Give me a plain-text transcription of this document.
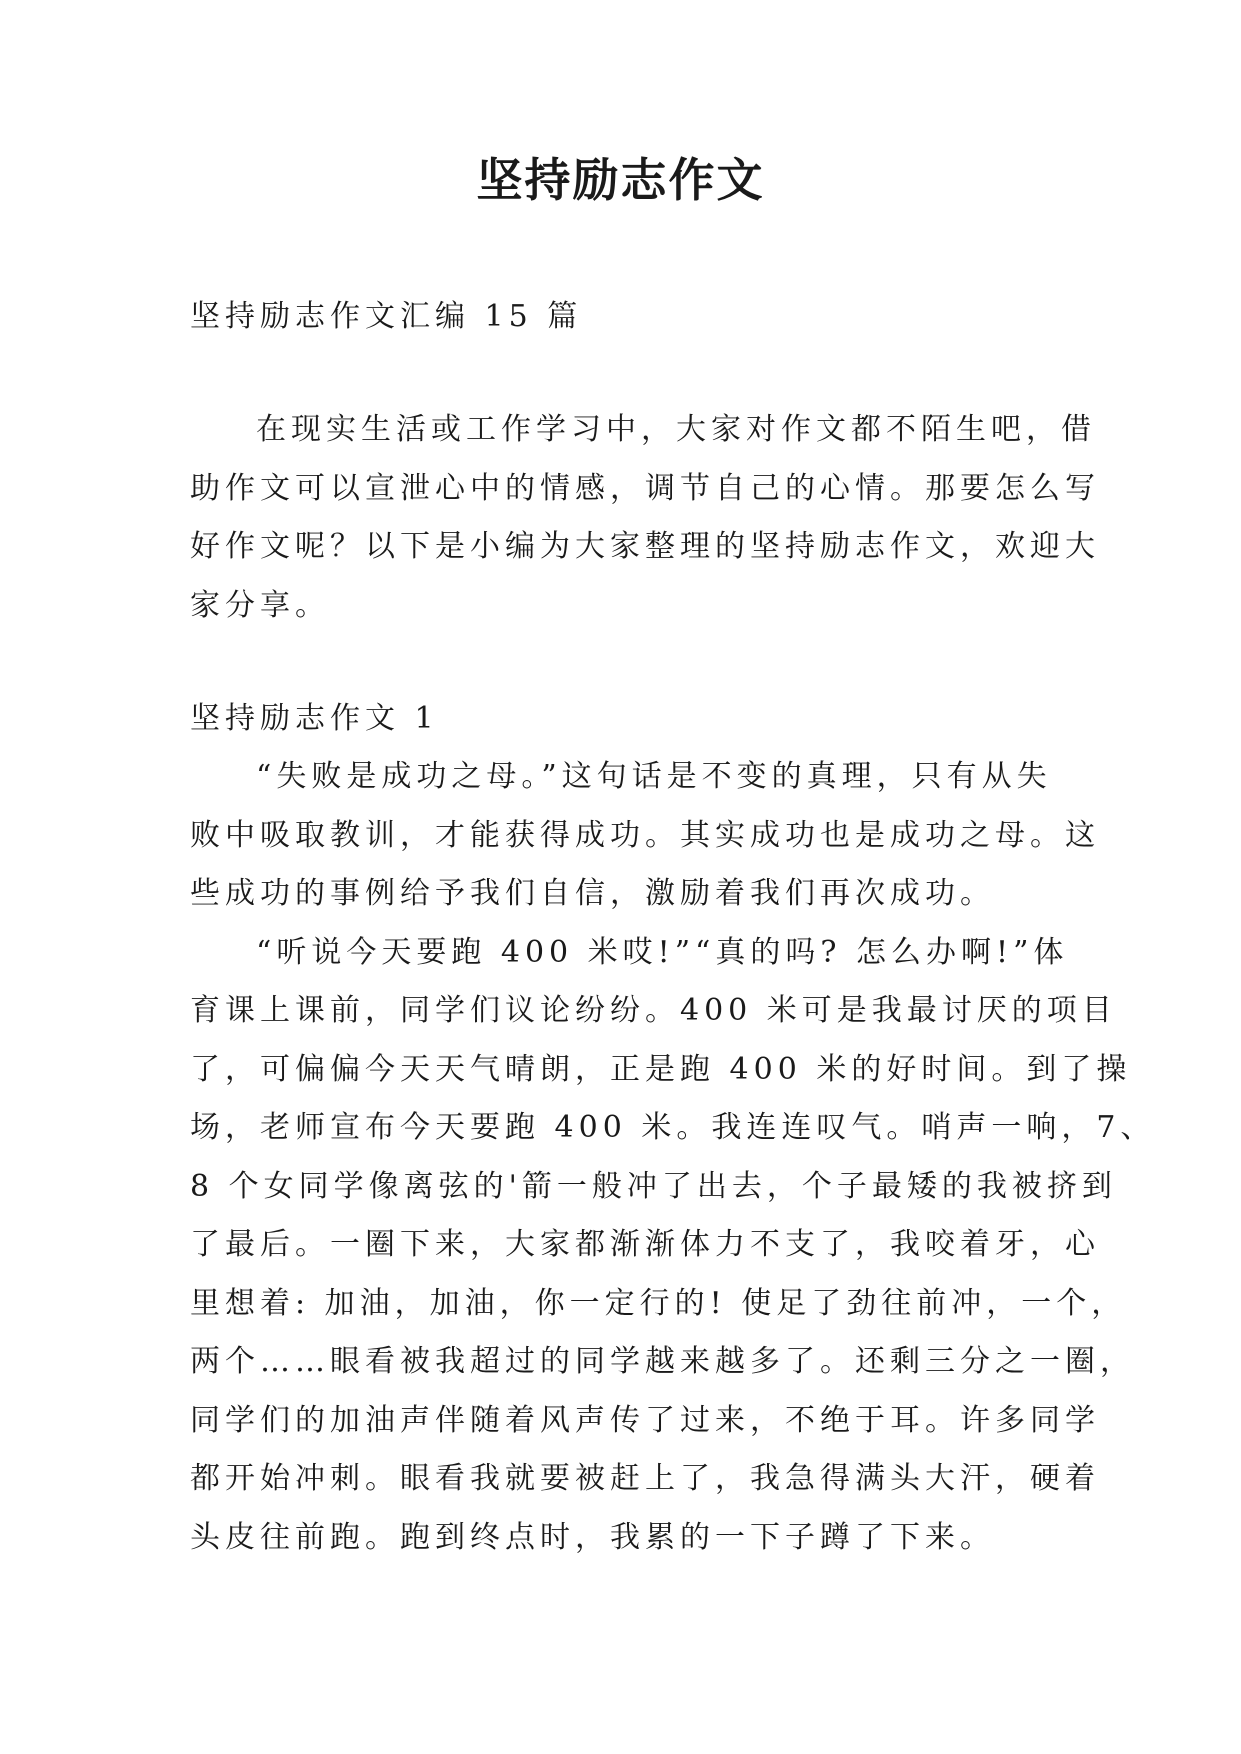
坚持励志作文
坚持励志作文汇编 15 篇
在现实生活或工作学习中，大家对作文都不陌生吧，借
助作文可以宣泄心中的情感，调节自己的心情。那要怎么写
好作文呢？以下是小编为大家整理的坚持励志作文，欢迎大
家分享。
坚持励志作文 1
“失败是成功之母。”这句话是不变的真理，只有从失
败中吸取教训，才能获得成功。其实成功也是成功之母。这
些成功的事例给予我们自信，激励着我们再次成功。
“听说今天要跑 400 米哎!”“真的吗? 怎么办啊!”体
育课上课前，同学们议论纷纷。400 米可是我最讨厌的项目
了，可偏偏今天天气晴朗，正是跑 400 米的好时间。到了操
场，老师宣布今天要跑 400 米。我连连叹气。哨声一响，7、
8 个女同学像离弦的'箭一般冲了出去，个子最矮的我被挤到
了最后。一圈下来，大家都渐渐体力不支了，我咬着牙，心
里想着: 加油，加油，你一定行的! 使足了劲往前冲，一个，
两个……眼看被我超过的同学越来越多了。还剩三分之一圈，
同学们的加油声伴随着风声传了过来，不绝于耳。许多同学
都开始冲刺。眼看我就要被赶上了，我急得满头大汗，硬着
头皮往前跑。跑到终点时，我累的一下子蹲了下来。
